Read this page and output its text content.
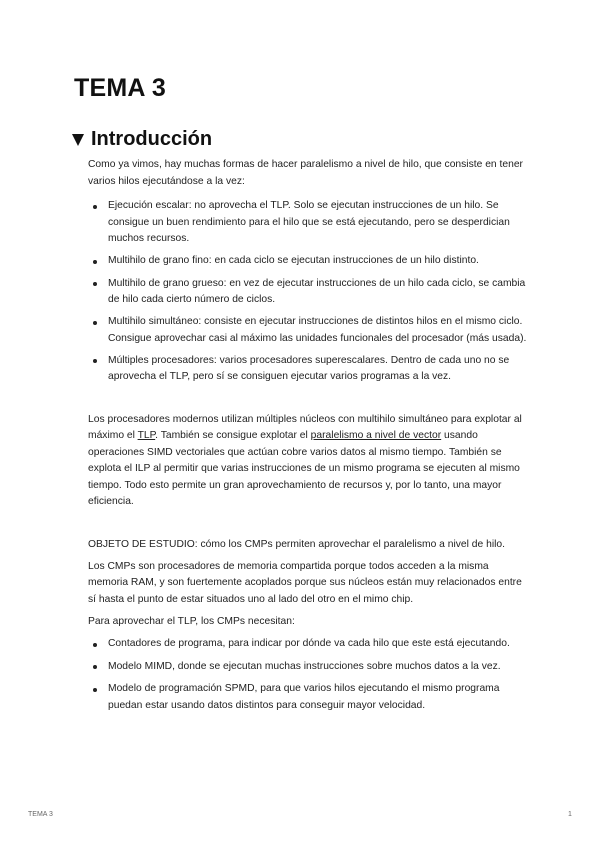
TEMA 3
Introducción

Como ya vimos, hay muchas formas de hacer paralelismo a nivel de hilo, que consiste en tener varios hilos ejecutándose a la vez:

Ejecución escalar: no aprovecha el TLP. Solo se ejecutan instrucciones de un hilo. Se consigue un buen rendimiento para el hilo que se está ejecutando, pero se desperdician muchos recursos.
Multihilo de grano fino: en cada ciclo se ejecutan instrucciones de un hilo distinto.
Multihilo de grano grueso: en vez de ejecutar instrucciones de un hilo cada ciclo, se cambia de hilo cada cierto número de ciclos.
Multihilo simultáneo: consiste en ejecutar instrucciones de distintos hilos en el mismo ciclo. Consigue aprovechar casi al máximo las unidades funcionales del procesador (más usada).
Múltiples procesadores: varios procesadores superescalares. Dentro de cada uno no se aprovecha el TLP, pero sí se consiguen ejecutar varios programas a la vez.

Los procesadores modernos utilizan múltiples núcleos con multihilo simultáneo para explotar al máximo el TLP. También se consigue explotar el paralelismo a nivel de vector usando operaciones SIMD vectoriales que actúan cobre varios datos al mismo tiempo. También se explota el ILP al permitir que varias instrucciones de un mismo programa se ejecuten al mismo tiempo. Todo esto permite un gran aprovechamiento de recursos y, por lo tanto, una mayor eficiencia.

OBJETO DE ESTUDIO: cómo los CMPs permiten aprovechar el paralelismo a nivel de hilo.

Los CMPs son procesadores de memoria compartida porque todos acceden a la misma memoria RAM, y son fuertemente acoplados porque sus núcleos están muy relacionados entre sí hasta el punto de estar situados uno al lado del otro en el mimo chip.

Para aprovechar el TLP, los CMPs necesitan:

Contadores de programa, para indicar por dónde va cada hilo que este está ejecutando.
Modelo MIMD, donde se ejecutan muchas instrucciones sobre muchos datos a la vez.
Modelo de programación SPMD, para que varios hilos ejecutando el mismo programa puedan estar usando datos distintos para conseguir mayor velocidad.
TEMA 3	1
